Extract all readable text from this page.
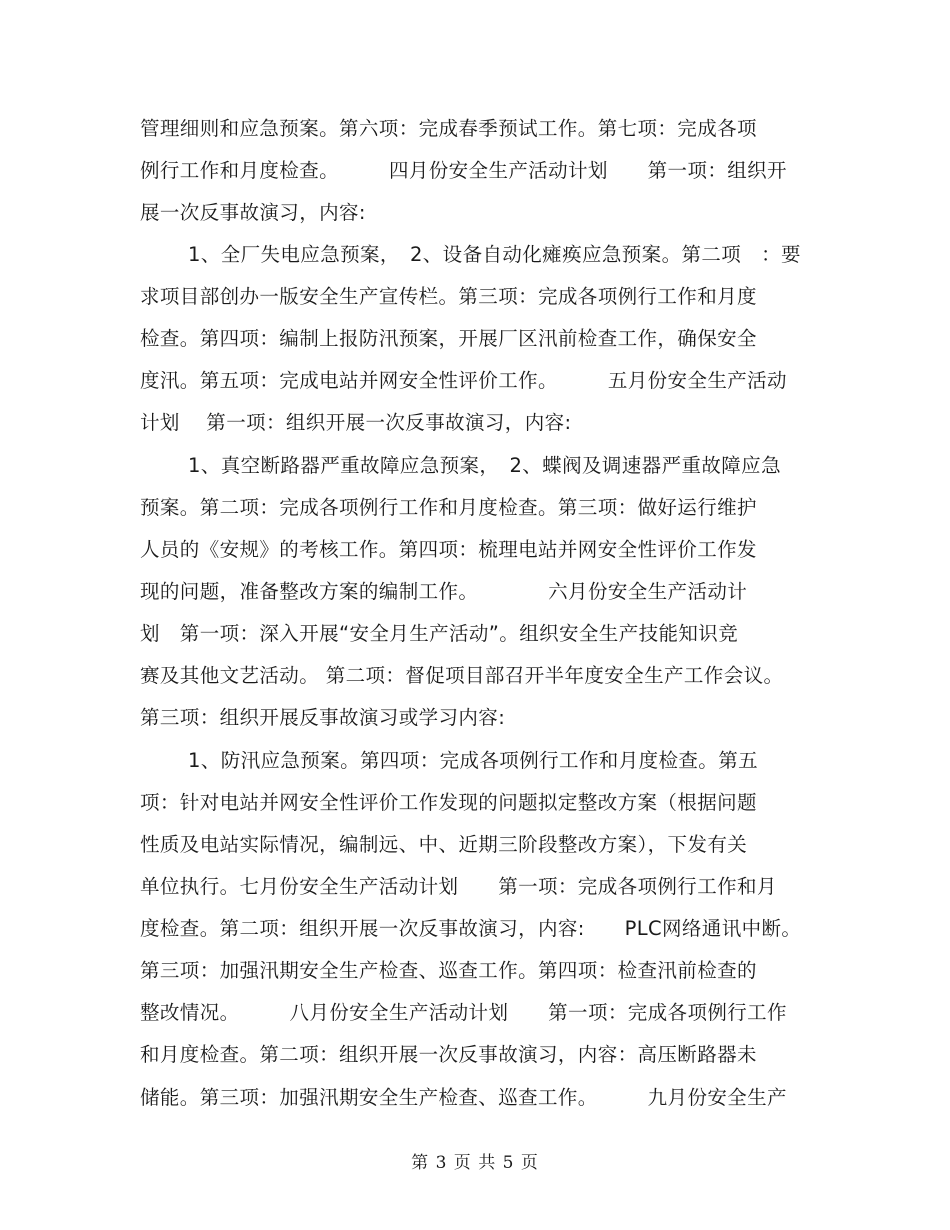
管理细则和应急预案。第六项：完成春季预试工作。第七项：完成各项
例行工作和月度检查。　　　四月份安全生产活动计划　　第一项：组织开
展一次反事故演习，内容:
1、全厂失电应急预案，　2、设备自动化瘫痪应急预案。第二项　：要
求项目部创办一版安全生产宣传栏。第三项：完成各项例行工作和月度
检查。第四项：编制上报防汛预案，开展厂区汛前检查工作，确保安全
度汛。第五项：完成电站并网安全性评价工作。　　　五月份安全生产活动
计划　 第一项：组织开展一次反事故演习，内容:
1、真空断路器严重故障应急预案，　2、蝶阀及调速器严重故障应急
预案。第二项：完成各项例行工作和月度检查。第三项：做好运行维护
人员的《安规》的考核工作。第四项：梳理电站并网安全性评价工作发
现的问题，准备整改方案的编制工作。　　　　六月份安全生产活动计
划　第一项：深入开展“安全月生产活动”。组织安全生产技能知识竞
赛及其他文艺活动。 第二项：督促项目部召开半年度安全生产工作会议。
第三项：组织开展反事故演习或学习内容:
1、防汛应急预案。第四项：完成各项例行工作和月度检查。第五
项：针对电站并网安全性评价工作发现的问题拟定整改方案（根据问题
性质及电站实际情况，编制远、中、近期三阶段整改方案），下发有关
单位执行。七月份安全生产活动计划　　第一项：完成各项例行工作和月
度检查。第二项：组织开展一次反事故演习，内容:　　PLC网络通讯中断。
第三项：加强汛期安全生产检查、巡查工作。第四项：检查汛前检查的
整改情况。　　　八月份安全生产活动计划　　第一项：完成各项例行工作
和月度检查。第二项：组织开展一次反事故演习，内容：高压断路器未
储能。第三项：加强汛期安全生产检查、巡查工作。　　　九月份安全生产
第 3 页 共 5 页
